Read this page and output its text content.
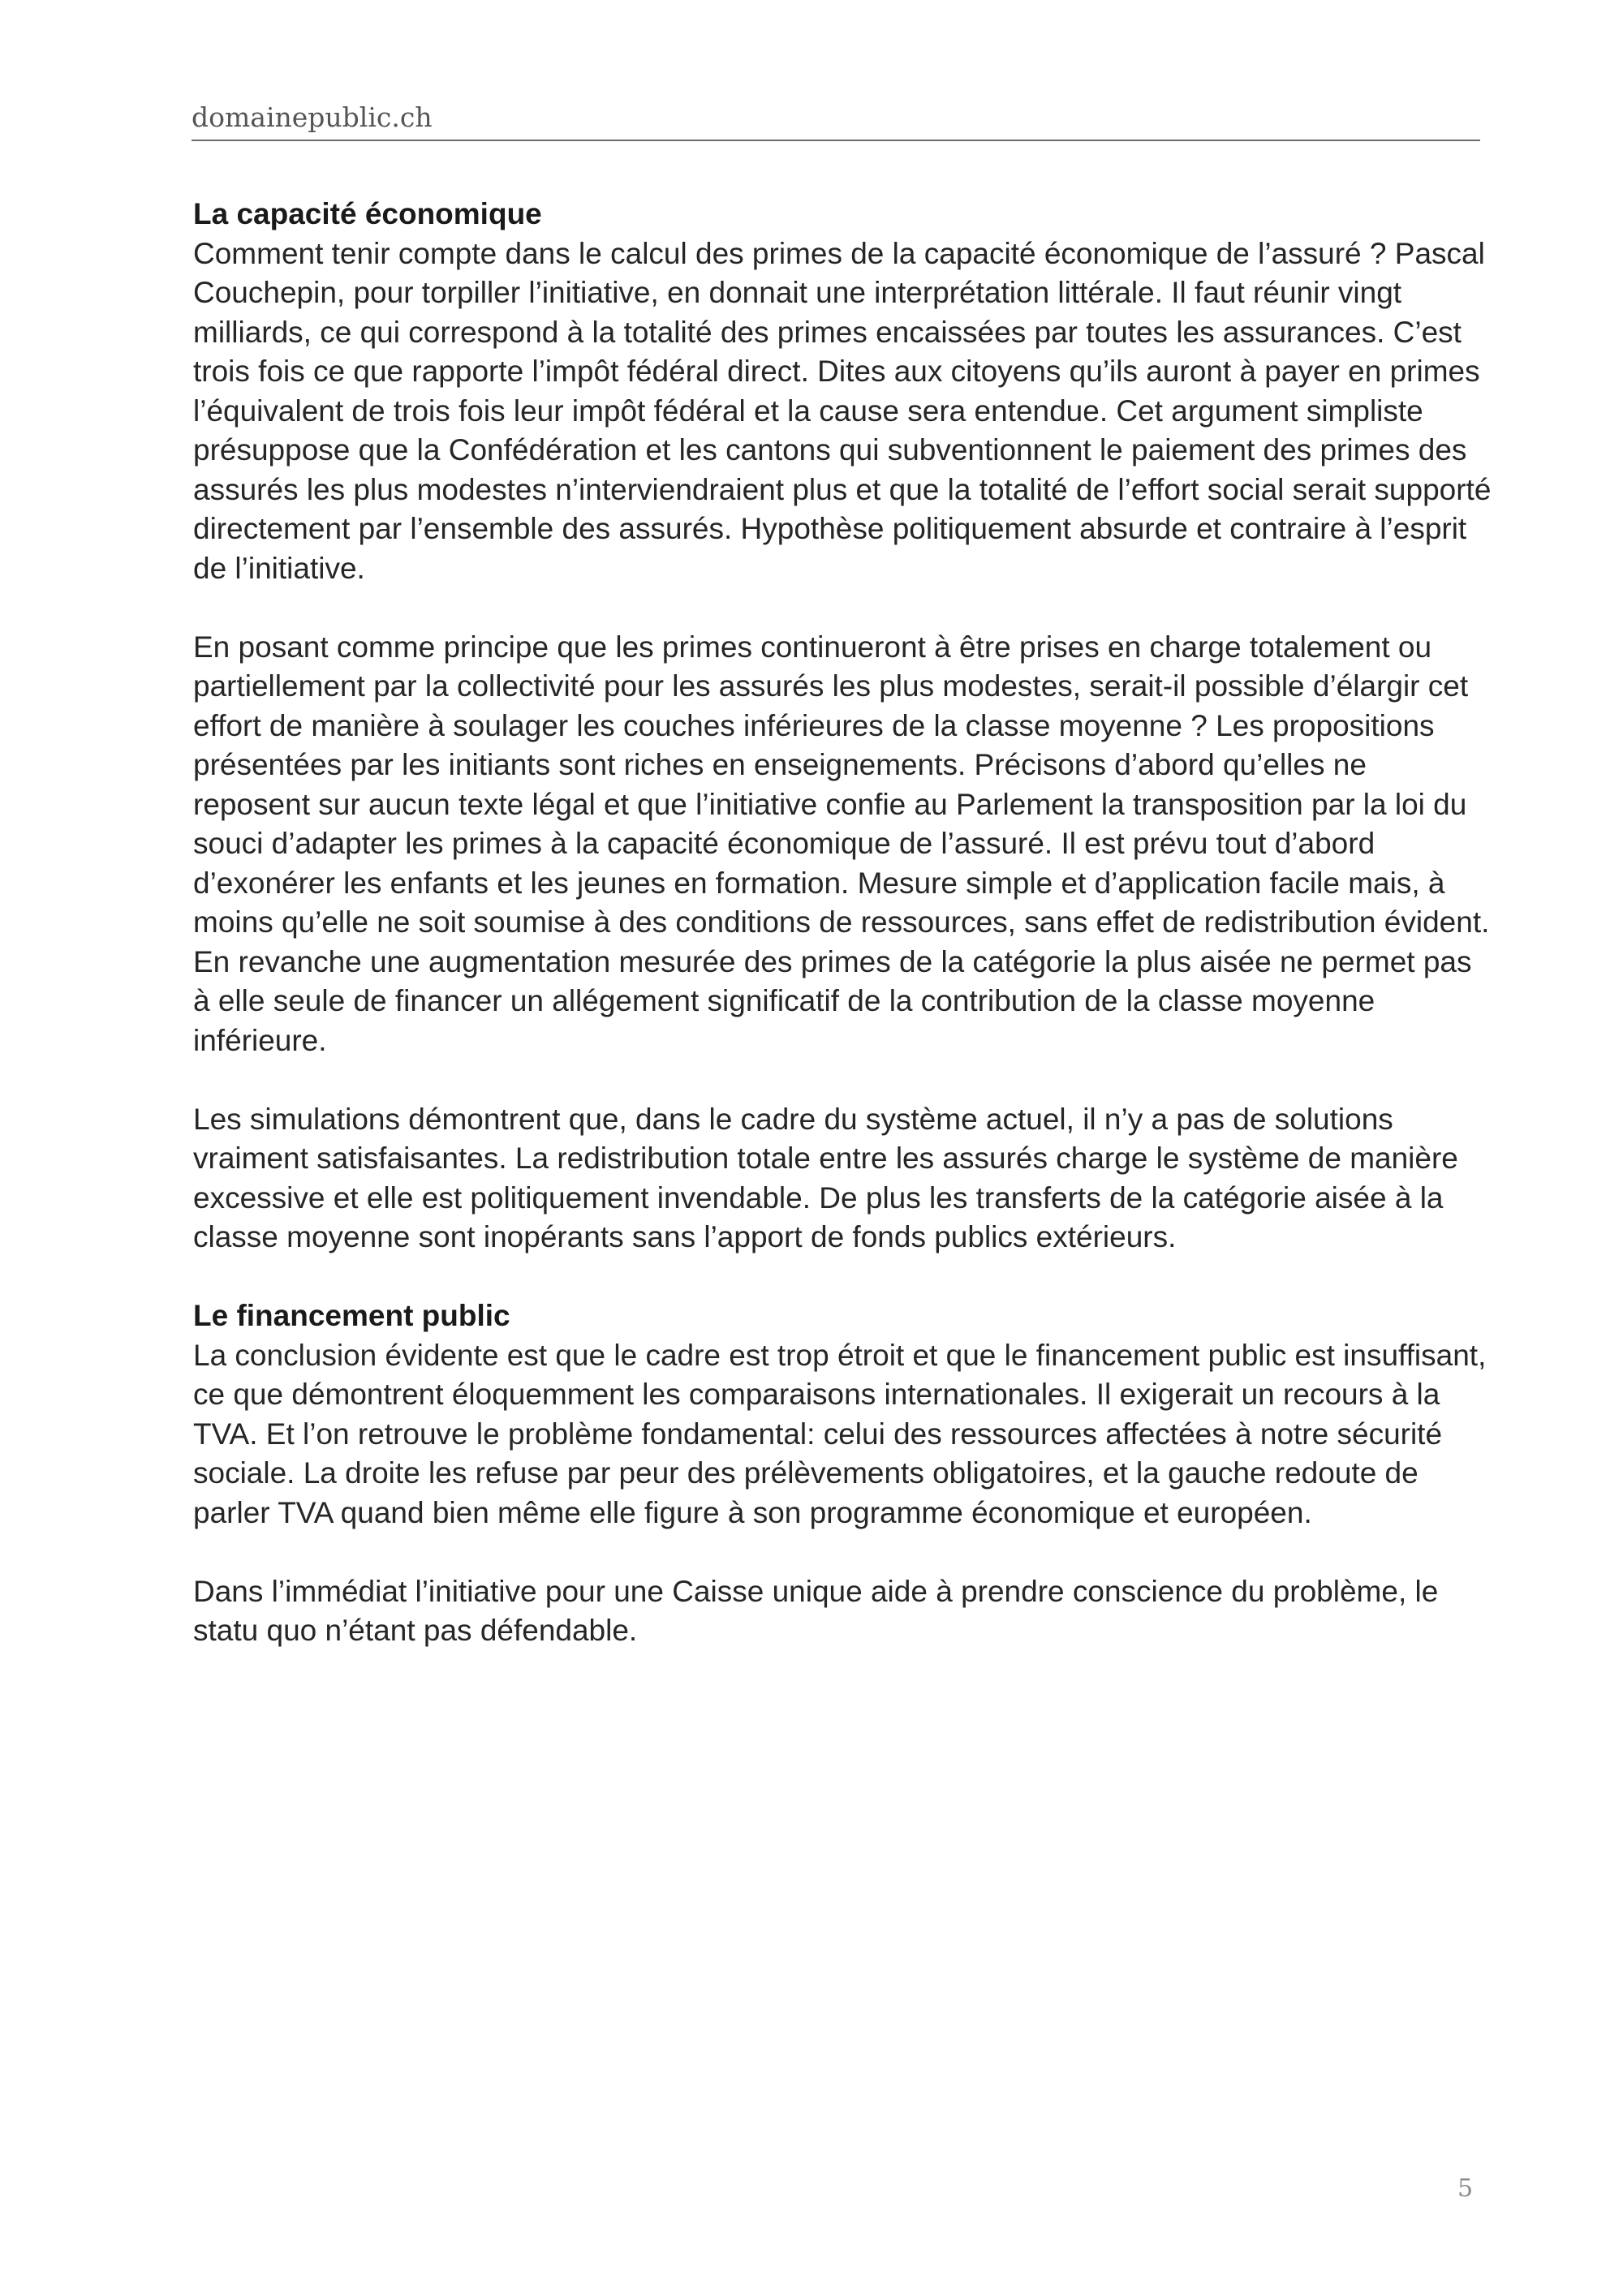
domainepublic.ch
La capacité économique

Comment tenir compte dans le calcul des primes de la capacité économique de l’assuré ? Pascal Couchepin, pour torpiller l’initiative, en donnait une interprétation littérale. Il faut réunir vingt milliards, ce qui correspond à la totalité des primes encaissées par toutes les assurances. C’est trois fois ce que rapporte l’impôt fédéral direct. Dites aux citoyens qu’ils auront à payer en primes l’équivalent de trois fois leur impôt fédéral et la cause sera entendue. Cet argument simpliste présuppose que la Confédération et les cantons qui subventionnent le paiement des primes des assurés les plus modestes n’interviendraient plus et que la totalité de l’effort social serait supporté directement par l’ensemble des assurés. Hypothèse politiquement absurde et contraire à l’esprit de l’initiative.

En posant comme principe que les primes continueront à être prises en charge totalement ou partiellement par la collectivité pour les assurés les plus modestes, serait-il possible d’élargir cet effort de manière à soulager les couches inférieures de la classe moyenne ? Les propositions présentées par les initiants sont riches en enseignements. Précisons d’abord qu’elles ne reposent sur aucun texte légal et que l’initiative confie au Parlement la transposition par la loi du souci d’adapter les primes à la capacité économique de l’assuré. Il est prévu tout d’abord d’exonérer les enfants et les jeunes en formation. Mesure simple et d’application facile mais, à moins qu’elle ne soit soumise à des conditions de ressources, sans effet de redistribution évident. En revanche une augmentation mesurée des primes de la catégorie la plus aisée ne permet pas à elle seule de financer un allégement significatif de la contribution de la classe moyenne inférieure.

Les simulations démontrent que, dans le cadre du système actuel, il n’y a pas de solutions vraiment satisfaisantes. La redistribution totale entre les assurés charge le système de manière excessive et elle est politiquement invendable. De plus les transferts de la catégorie aisée à la classe moyenne sont inopérants sans l’apport de fonds publics extérieurs.

Le financement public

La conclusion évidente est que le cadre est trop étroit et que le financement public est insuffisant, ce que démontrent éloquemment les comparaisons internationales. Il exigerait un recours à la TVA. Et l’on retrouve le problème fondamental: celui des ressources affectées à notre sécurité sociale. La droite les refuse par peur des prélèvements obligatoires, et la gauche redoute de parler TVA quand bien même elle figure à son programme économique et européen.

Dans l’immédiat l’initiative pour une Caisse unique aide à prendre conscience du problème, le statu quo n’étant pas défendable.

5
